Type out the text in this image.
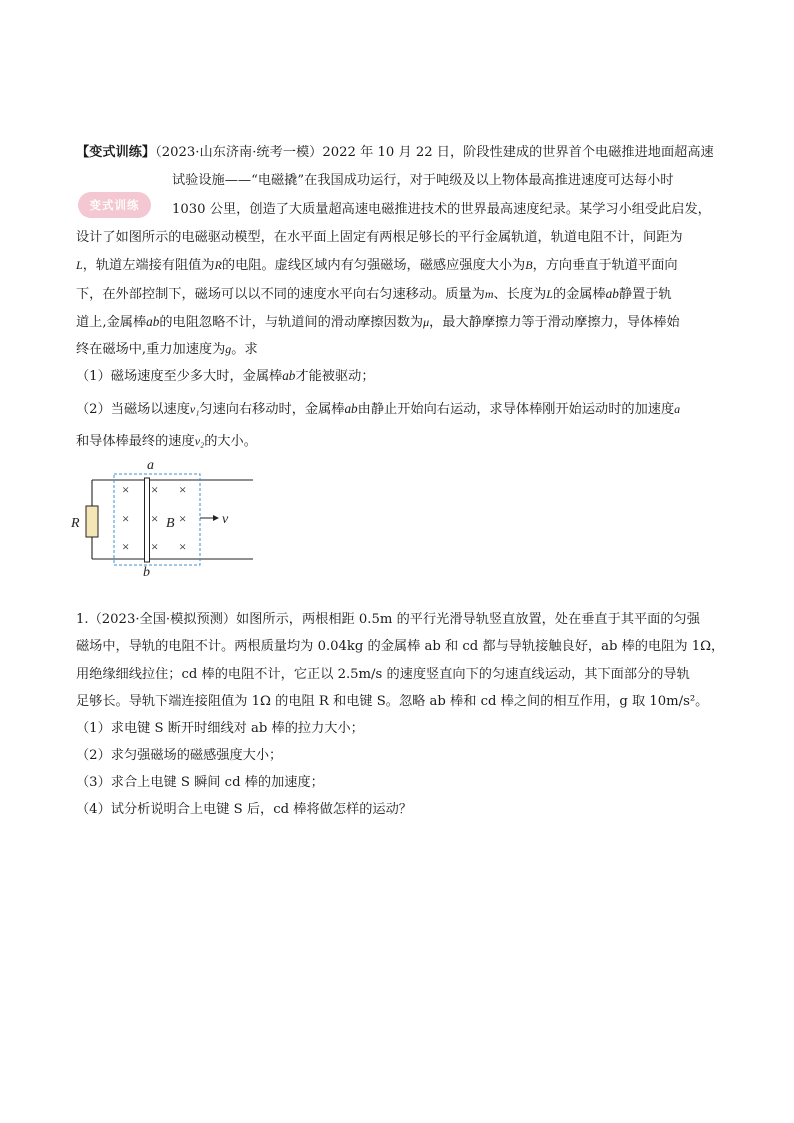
【变式训练】（2023·山东济南·统考一模）2022 年 10 月 22 日，阶段性建成的世界首个电磁推进地面超高速
变式训练
试验设施——“电磁撬”在我国成功运行，对于吨级及以上物体最高推进速度可达每小时
1030 公里，创造了大质量超高速电磁推进技术的世界最高速度纪录。某学习小组受此启发，
设计了如图所示的电磁驱动模型，在水平面上固定有两根足够长的平行金属轨道，轨道电阻不计，间距为
L，轨道左端接有阻值为R的电阻。虚线区域内有匀强磁场，磁感应强度大小为B，方向垂直于轨道平面向
下，在外部控制下，磁场可以以不同的速度水平向右匀速移动。质量为m、长度为L的金属棒ab静置于轨
道上,金属棒ab的电阻忽略不计，与轨道间的滑动摩擦因数为μ，最大静摩擦力等于滑动摩擦力，导体棒始
终在磁场中,重力加速度为g。求
（1）磁场速度至少多大时，金属棒ab才能被驱动；
（2）当磁场以速度v₁匀速向右移动时，金属棒ab由静止开始向右运动，求导体棒刚开始运动时的加速度a
和导体棒最终的速度v₂的大小。
R
a
b
×
×
×
×
×
×
×
×
×
B	v
1.（2023·全国·模拟预测）如图所示，两根相距 0.5m 的平行光滑导轨竖直放置，处在垂直于其平面的匀强
磁场中，导轨的电阻不计。两根质量均为 0.04kg 的金属棒 ab 和 cd 都与导轨接触良好，ab 棒的电阻为 1Ω，
用绝缘细线拉住；cd 棒的电阻不计，它正以 2.5m/s 的速度竖直向下的匀速直线运动，其下面部分的导轨
足够长。导轨下端连接阻值为 1Ω 的电阻 R 和电键 S。忽略 ab 棒和 cd 棒之间的相互作用，g 取 10m/s²。
（1）求电键 S 断开时细线对 ab 棒的拉力大小；
（2）求匀强磁场的磁感强度大小；
（3）求合上电键 S 瞬间 cd 棒的加速度；
（4）试分析说明合上电键 S 后，cd 棒将做怎样的运动？
